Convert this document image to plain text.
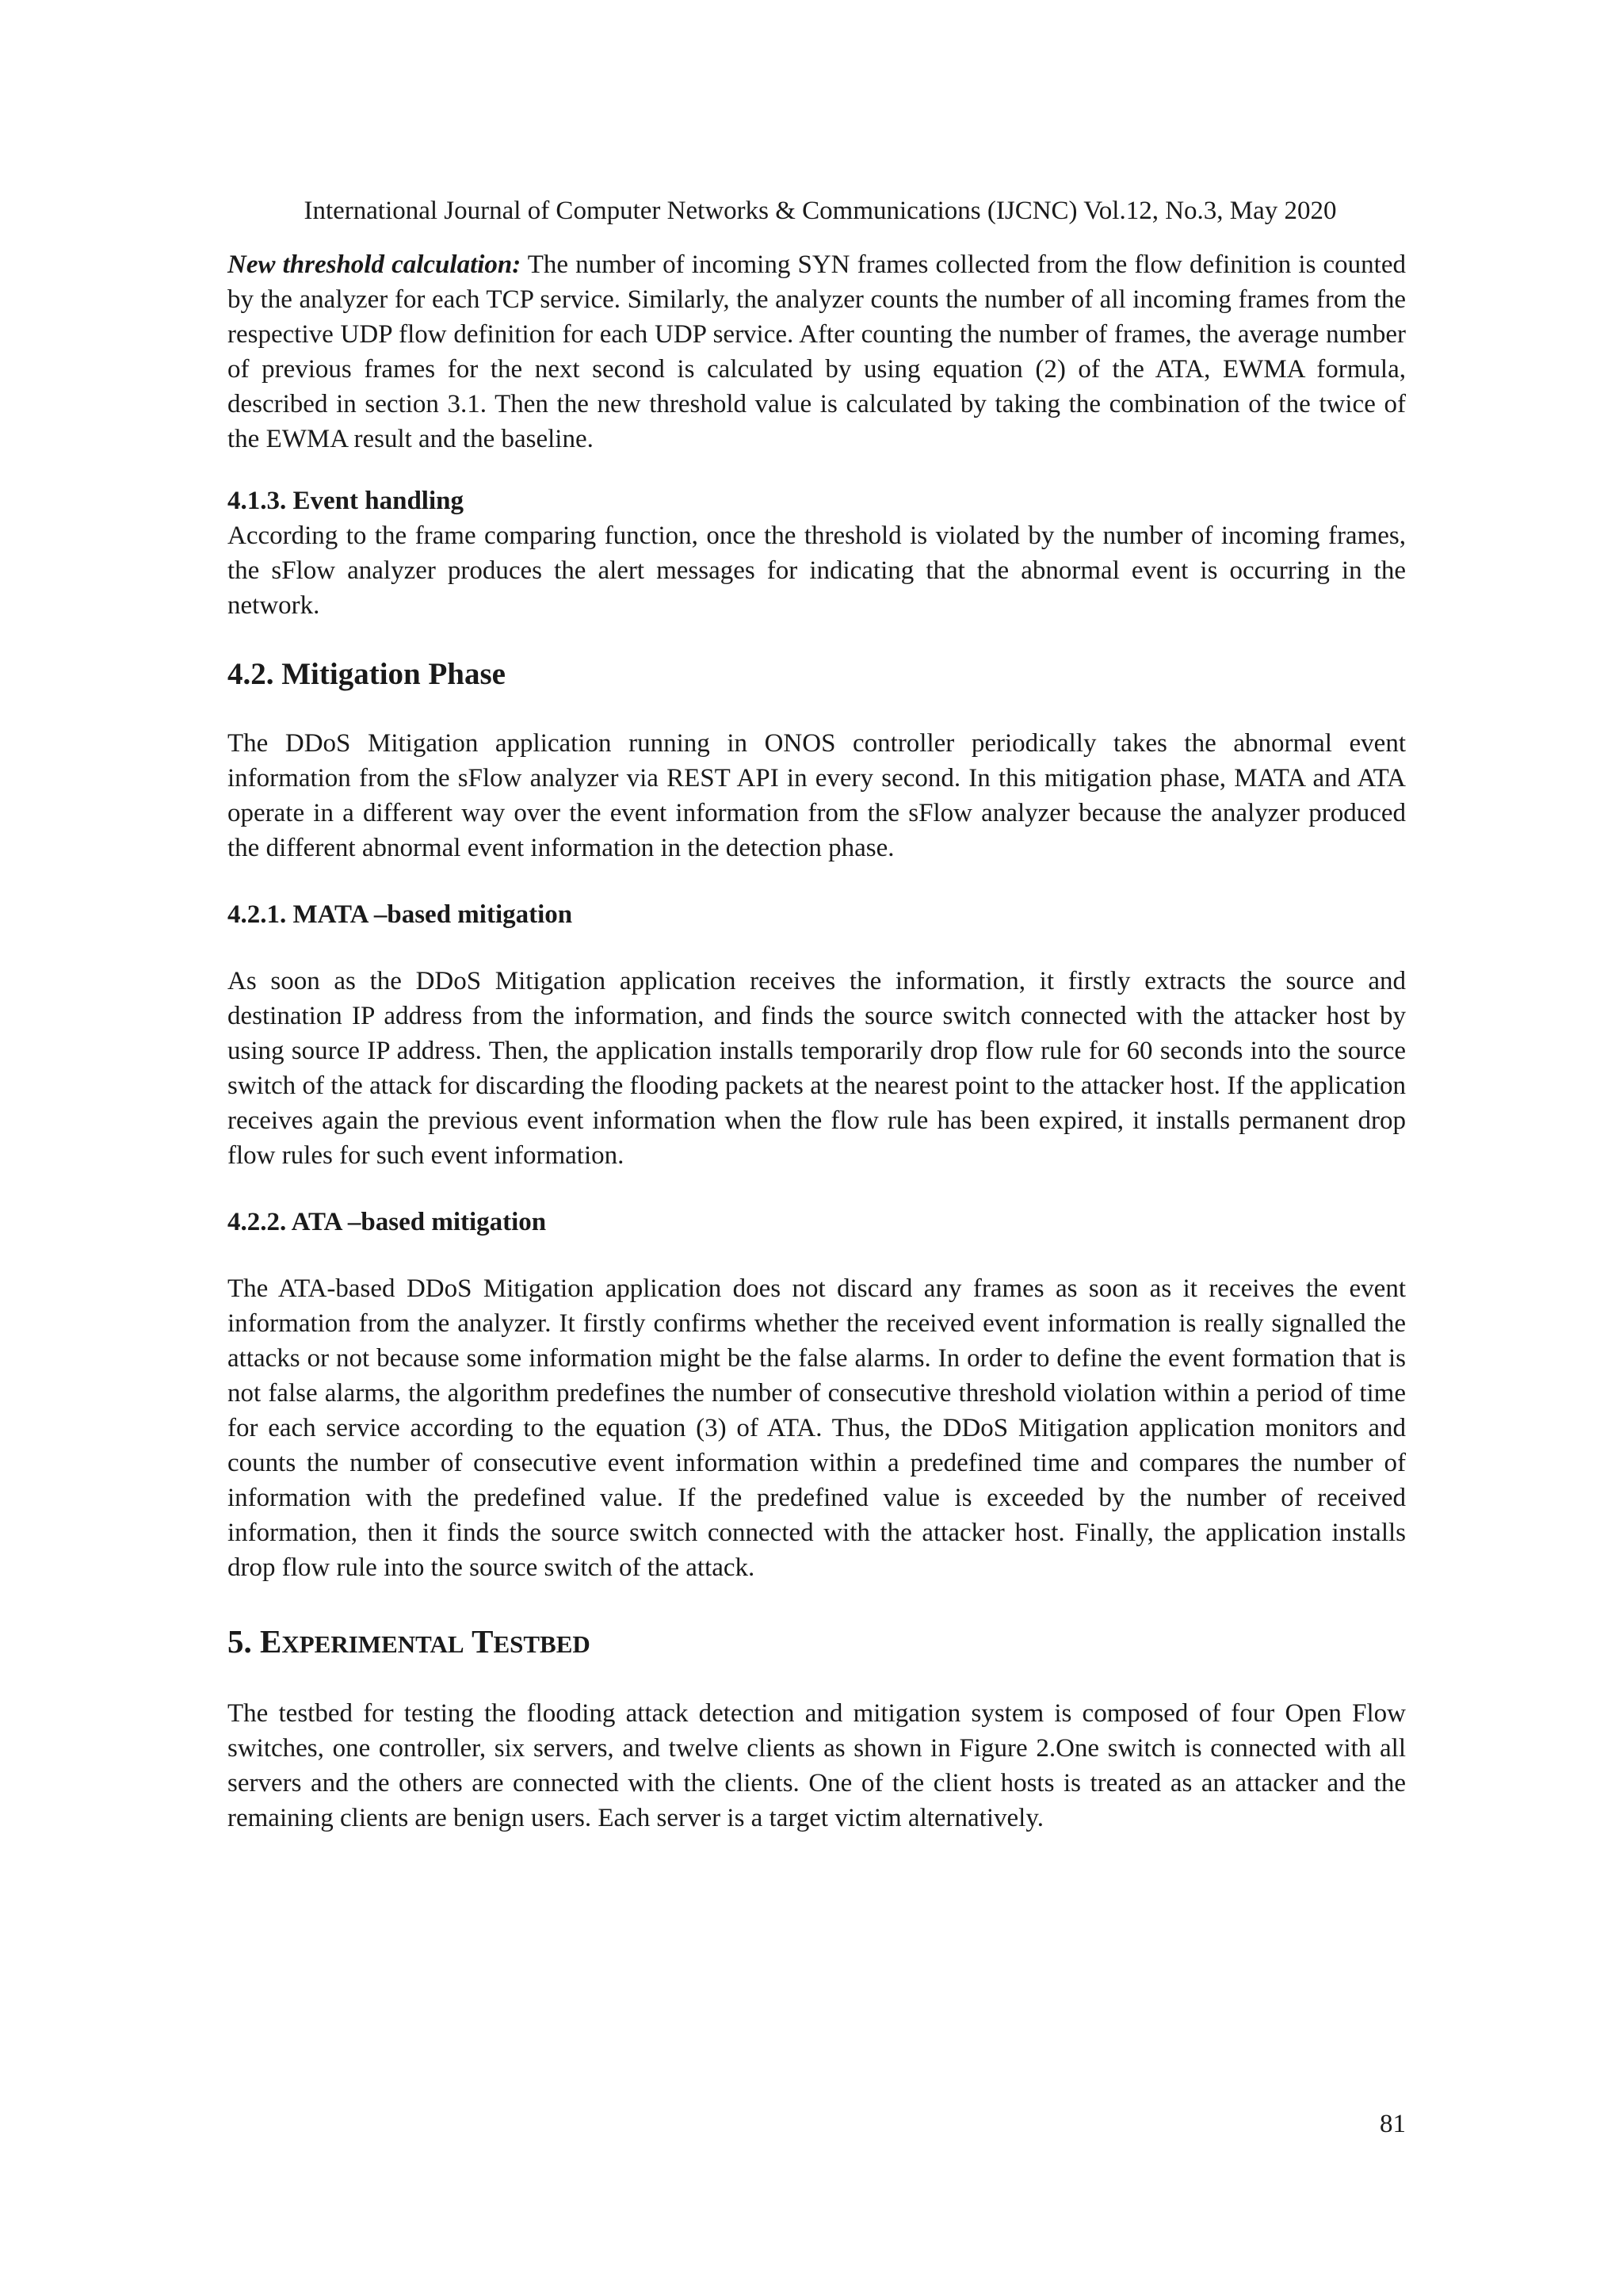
International Journal of Computer Networks & Communications (IJCNC) Vol.12, No.3, May 2020

New threshold calculation: The number of incoming SYN frames collected from the flow definition is counted by the analyzer for each TCP service. Similarly, the analyzer counts the number of all incoming frames from the respective UDP flow definition for each UDP service. After counting the number of frames, the average number of previous frames for the next second is calculated by using equation (2) of the ATA, EWMA formula, described in section 3.1. Then the new threshold value is calculated by taking the combination of the twice of the EWMA result and the baseline.

4.1.3. Event handling

According to the frame comparing function, once the threshold is violated by the number of incoming frames, the sFlow analyzer produces the alert messages for indicating that the abnormal event is occurring in the network.

4.2. Mitigation Phase

The DDoS Mitigation application running in ONOS controller periodically takes the abnormal event information from the sFlow analyzer via REST API in every second. In this mitigation phase, MATA and ATA operate in a different way over the event information from the sFlow analyzer because the analyzer produced the different abnormal event information in the detection phase.

4.2.1. MATA –based mitigation

As soon as the DDoS Mitigation application receives the information, it firstly extracts the source and destination IP address from the information, and finds the source switch connected with the attacker host by using source IP address. Then, the application installs temporarily drop flow rule for 60 seconds into the source switch of the attack for discarding the flooding packets at the nearest point to the attacker host. If the application receives again the previous event information when the flow rule has been expired, it installs permanent drop flow rules for such event information.

4.2.2. ATA –based mitigation

The ATA-based DDoS Mitigation application does not discard any frames as soon as it receives the event information from the analyzer. It firstly confirms whether the received event information is really signalled the attacks or not because some information might be the false alarms. In order to define the event formation that is not false alarms, the algorithm predefines the number of consecutive threshold violation within a period of time for each service according to the equation (3) of ATA. Thus, the DDoS Mitigation application monitors and counts the number of consecutive event information within a predefined time and compares the number of information with the predefined value. If the predefined value is exceeded by the number of received information, then it finds the source switch connected with the attacker host. Finally, the application installs drop flow rule into the source switch of the attack.

5. EXPERIMENTAL TESTBED

The testbed for testing the flooding attack detection and mitigation system is composed of four Open Flow switches, one controller, six servers, and twelve clients as shown in Figure 2.One switch is connected with all servers and the others are connected with the clients. One of the client hosts is treated as an attacker and the remaining clients are benign users. Each server is a target victim alternatively.

81
